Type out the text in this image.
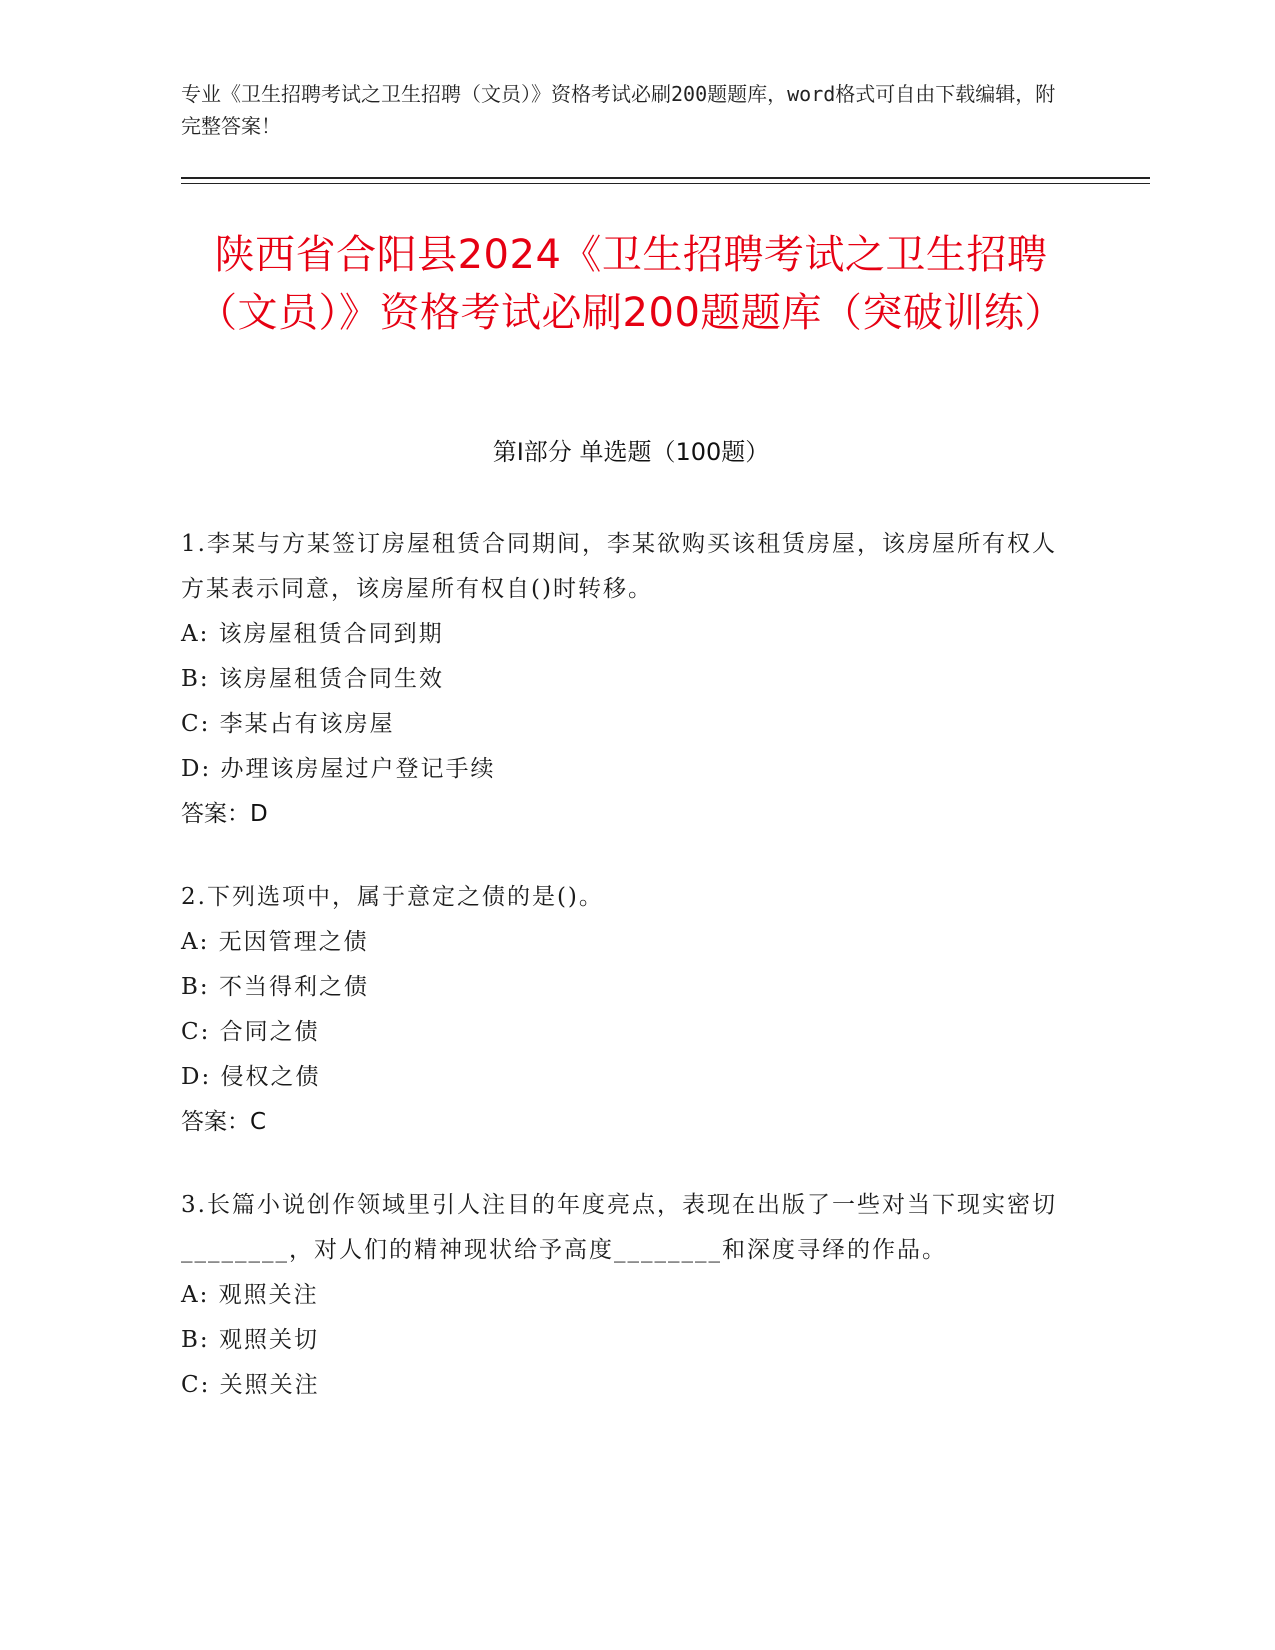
专业《卫生招聘考试之卫生招聘（文员）》资格考试必刷200题题库，word格式可自由下载编辑，附完整答案！
陕西省合阳县2024《卫生招聘考试之卫生招聘（文员）》资格考试必刷200题题库（突破训练）
第I部分 单选题（100题）
1.李某与方某签订房屋租赁合同期间，李某欲购买该租赁房屋，该房屋所有权人方某表示同意，该房屋所有权自()时转移。
A: 该房屋租赁合同到期
B: 该房屋租赁合同生效
C: 李某占有该房屋
D: 办理该房屋过户登记手续
答案：D
2.下列选项中，属于意定之债的是()。
A: 无因管理之债
B: 不当得利之债
C: 合同之债
D: 侵权之债
答案：C
3.长篇小说创作领域里引人注目的年度亮点，表现在出版了一些对当下现实密切________，对人们的精神现状给予高度________和深度寻绎的作品。
A: 观照关注
B: 观照关切
C: 关照关注
